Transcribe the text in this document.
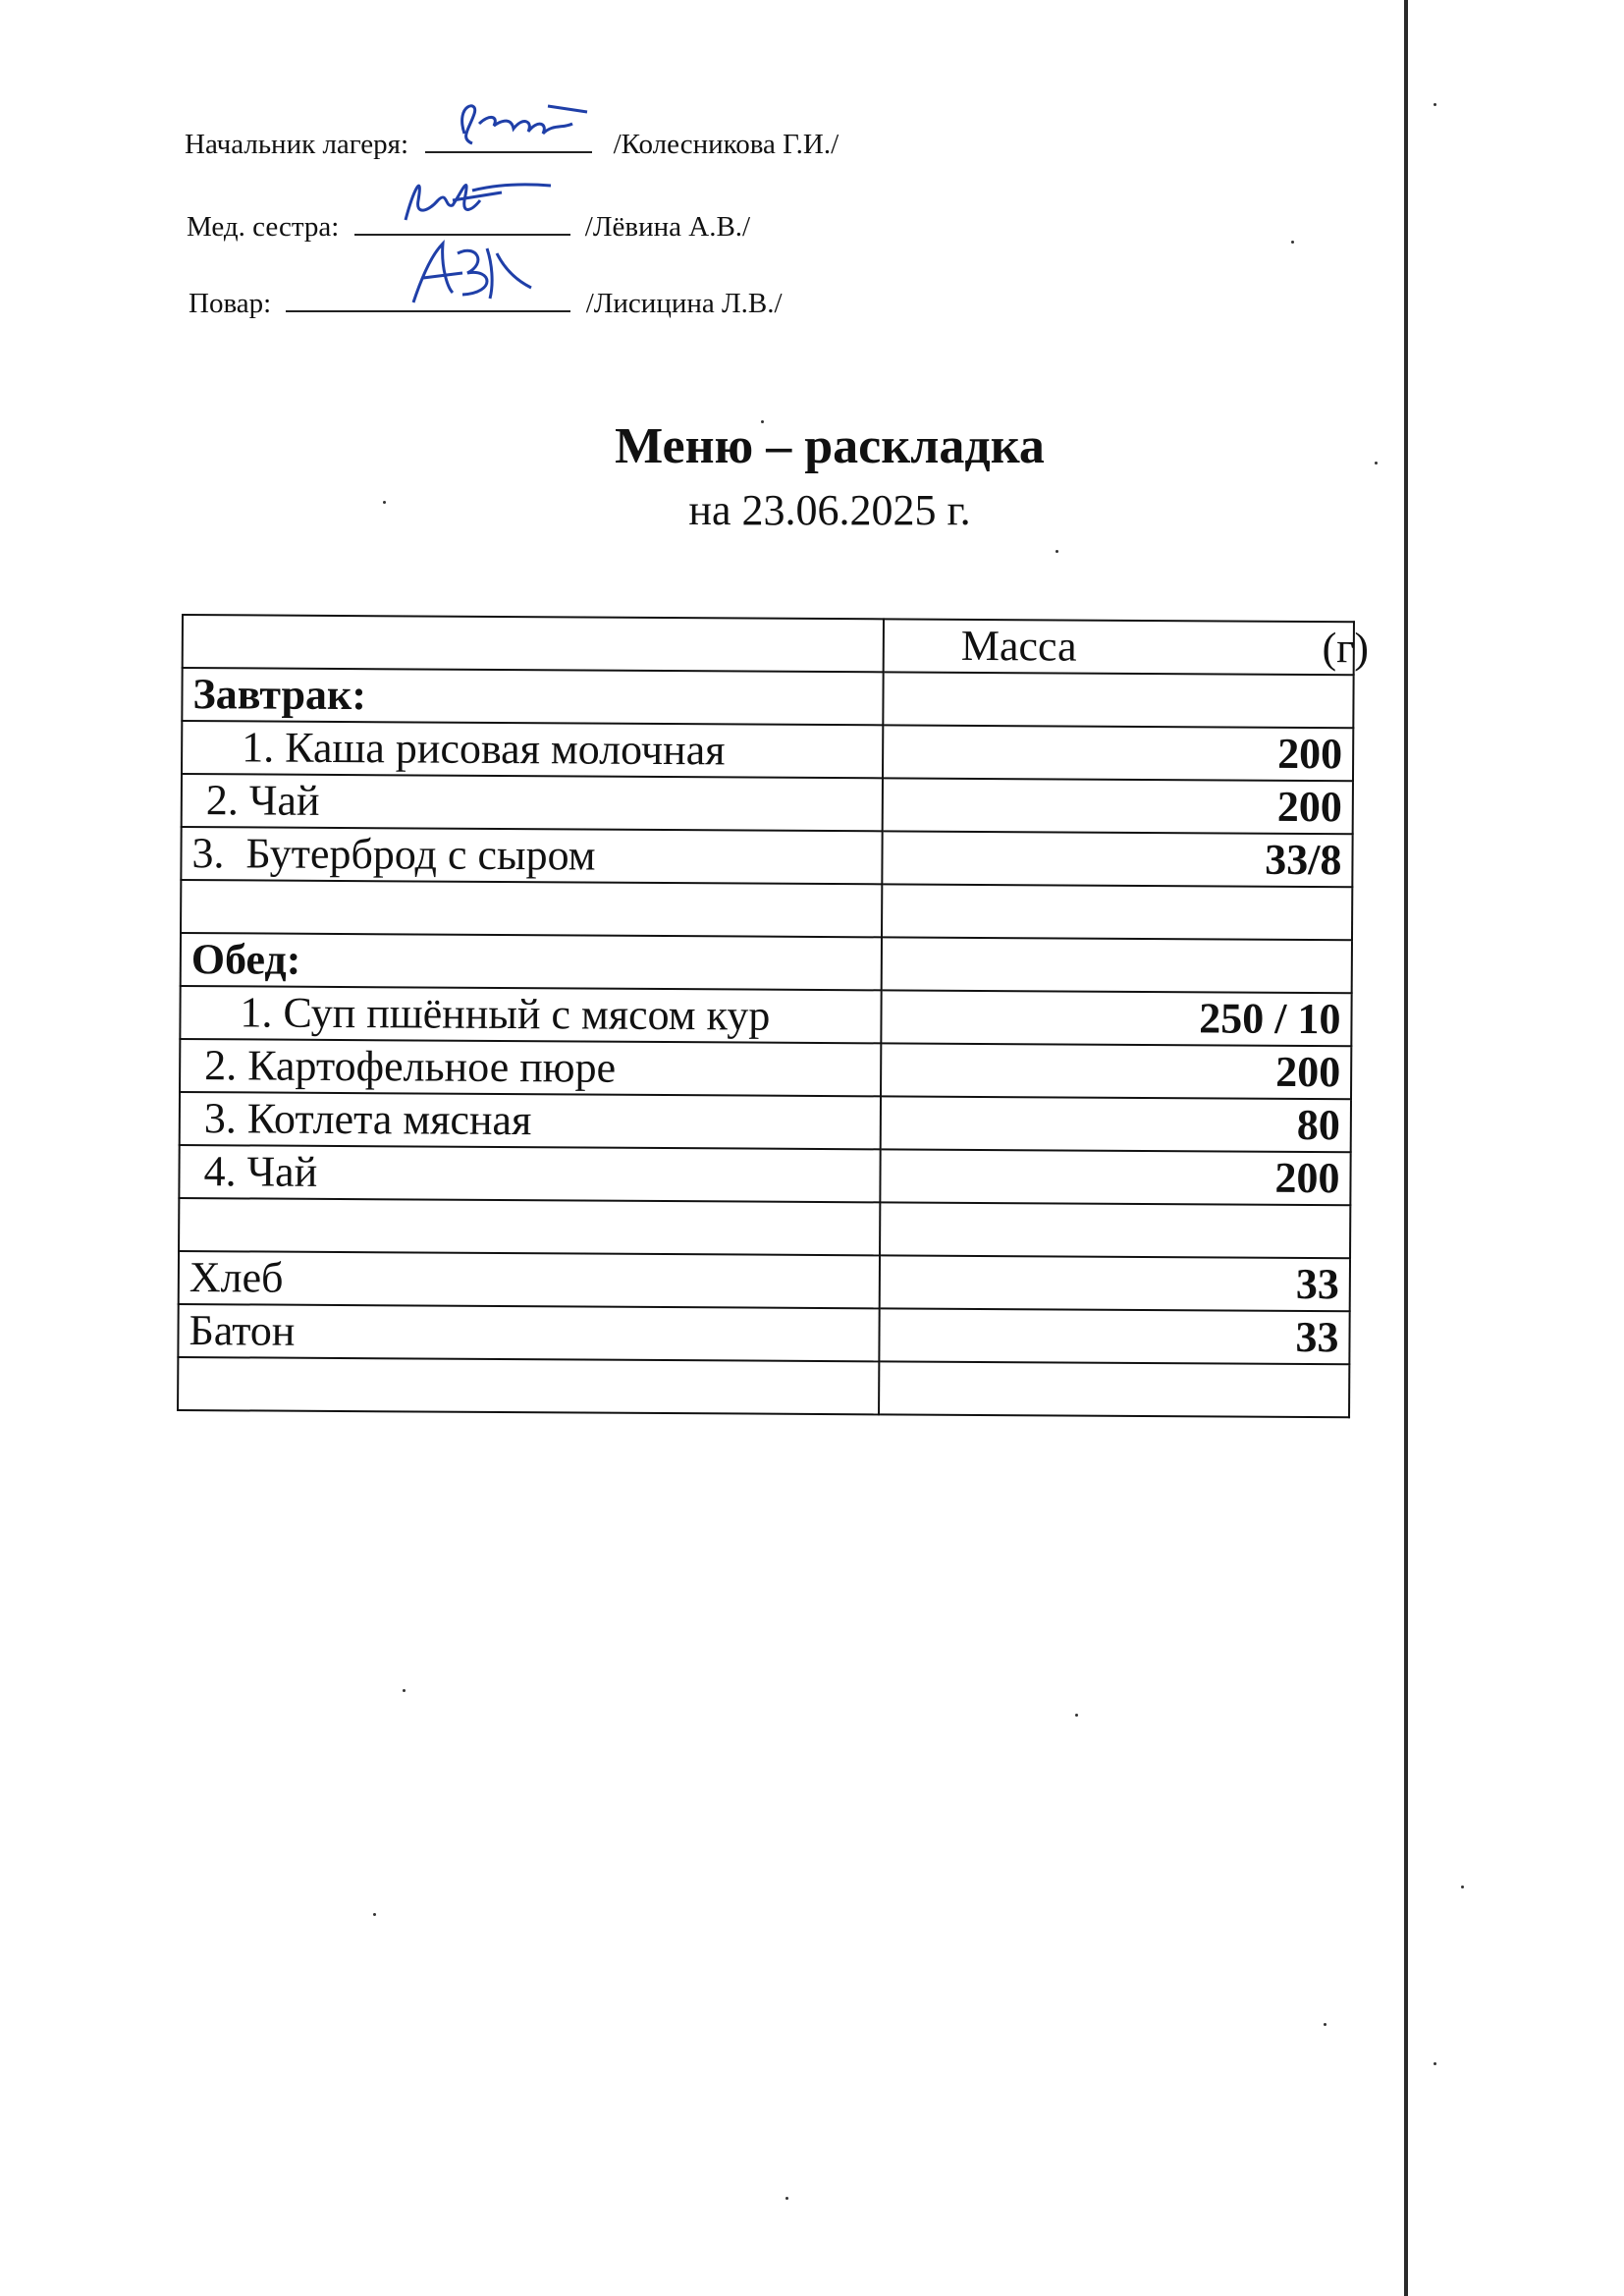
Начальник лагеря:	/Колесникова Г.И./
Мед. сестра:	/Лёвина А.В./
Повар:	/Лисицина Л.В./
Меню – раскладка
на 23.06.2025 г.
	Масса (г)
Завтрак:	
1. Каша рисовая молочная	200
2. Чай	200
3. Бутерброд с сыром	33/8

Обед:	
1. Суп пшённый с мясом кур	250 / 10
2. Картофельное пюре	200
3. Котлета мясная	80
4. Чай	200

Хлеб	33
Батон	33
